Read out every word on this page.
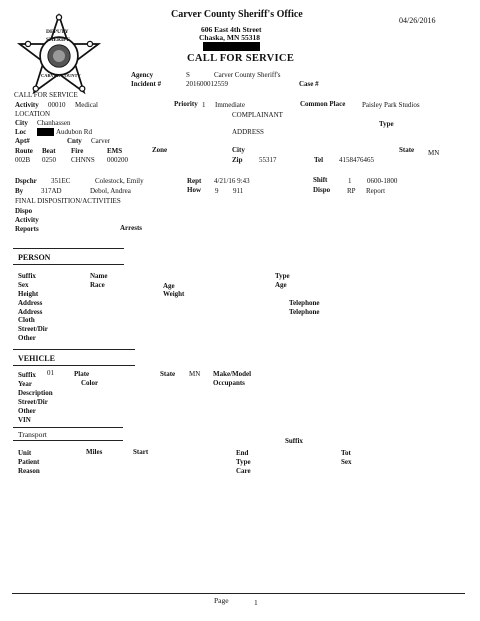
DEPUTY
SHERIFF
CARVER COUNTY
Carver County Sheriff's Office
606 East 4th Street
Chaska, MN 55318
04/26/2016
CALL FOR SERVICE
Agency	S	Carver County Sheriff's
Incident #	201600012559	Case #
CALL FOR SERVICE
Activity 00010 Medical	Priority 1 Immediate	Common Place Paisley Park Studios
LOCATION	COMPLAINANT
City Chanhassen	Type
Loc	Audubon Rd	ADDRESS
Apt#	Cnty Carver
Route Beat Fire	EMS	Zone	City	State MN
002B 0250 CHNNS 000200	Zip 55317	Tel 4158476465
Dspchr 351EC	Colestock, Emily	Rept 4/21/16 9:43	Shift	1 0600-1800
By	317AD	Debol, Andrea	How 9 911	Dispo RP Report
FINAL DISPOSITION/ACTIVITIES
Dispo
Activity
Reports	Arrests
PERSON
Suffix	Name	Type
Sex	Race	Age	Age
Height	Weight
Address	Telephone
Address	Telephone
Cloth
Street/Dir
Other
VEHICLE
Suffix 01	Plate	State MN Make/Model
Year	Color	Occupants
Description
Street/Dir
Other
VIN
Transport
Suffix
Unit	Miles	Start	End	Tot
Patient	Type	Sex
Reason	Care
Page	1
